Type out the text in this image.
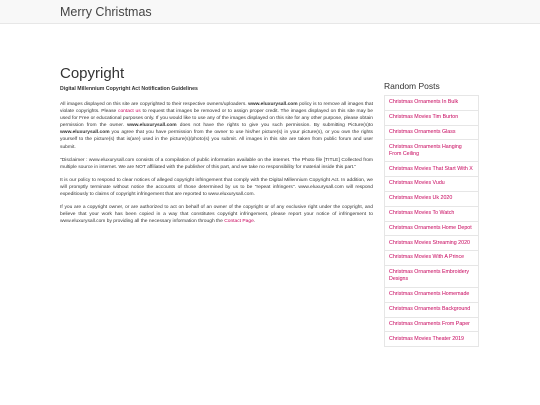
Merry Christmas
Copyright

Digital Millennium Copyright Act Notification Guidelines

All images displayed on this site are copyrighted to their respective owners/uploaders. www.eluxurysall.com policy is to remove all images that violate copyrights. Please contact us to request that images be removed or to assign proper credit. The images displayed on this site may be used for Free or educational purposes only. If you would like to use any of the images displayed on this site for any other purpose, please obtain permission from the owner. www.eluxurysall.com does not have the rights to give you such permission. By submitting Picture(s)to www.eluxurysall.com you agree that you have permission from the owner to use his/her picture(s) in your picture(s), or you own the rights yourself to the picture(s) that is(are) used in the picture(s)/photo(s) you submit. All images in this site are taken from public forum and user submit.

"Disclaimer : www.eluxurysall.com consists of a compilation of public information available on the internet. The Photo file [TITLE] Collected from multiple source in internet. We are NOT affiliated with the publisher of this part, and we take no responsibility for material inside this part."

It is our policy to respond to clear notices of alleged copyright infringement that comply with the Digital Millennium Copyright Act. In addition, we will promptly terminate without notice the accounts of those determined by us to be "repeat infringers". www.eluxurysall.com will respond expeditiously to claims of copyright infringement that are reported to www.eluxurysall.com.

If you are a copyright owner, or are authorized to act on behalf of an owner of the copyright or of any exclusive right under the copyright, and believe that your work has been copied in a way that constitutes copyright infringement, please report your notice of infringement to www.eluxurysall.com by providing all the necessary information through the Contact Page.

Random Posts
Christmas Ornaments In Bulk
Christmas Movies Tim Burton
Christmas Ornaments Glass
Christmas Ornaments Hanging From Ceiling
Christmas Movies That Start With X
Christmas Movies Vudu
Christmas Movies Uk 2020
Christmas Movies To Watch
Christmas Ornaments Home Depot
Christmas Movies Streaming 2020
Christmas Movies With A Prince
Christmas Ornaments Embroidery Designs
Christmas Ornaments Homemade
Christmas Ornaments Background
Christmas Ornaments From Paper
Christmas Movies Theater 2019
